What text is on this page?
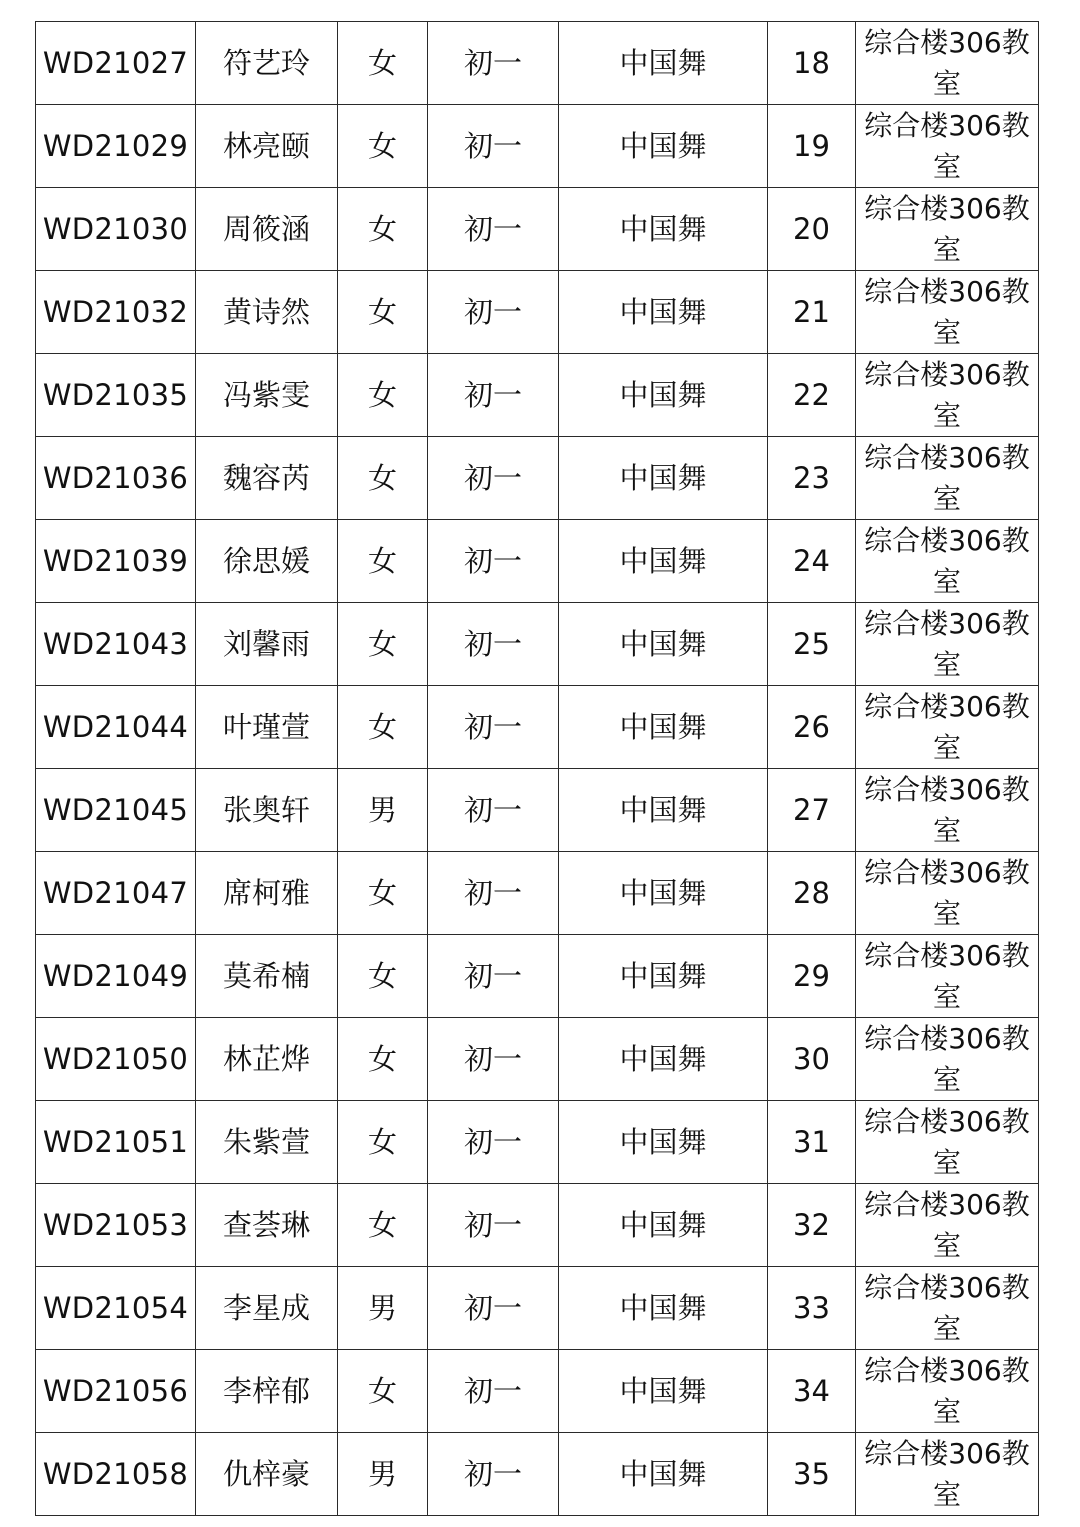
WD21027	符艺玲	女	初一	中国舞	18	综合楼306教室
WD21029	林亮颐	女	初一	中国舞	19	综合楼306教室
WD21030	周筱涵	女	初一	中国舞	20	综合楼306教室
WD21032	黄诗然	女	初一	中国舞	21	综合楼306教室
WD21035	冯紫雯	女	初一	中国舞	22	综合楼306教室
WD21036	魏容芮	女	初一	中国舞	23	综合楼306教室
WD21039	徐思媛	女	初一	中国舞	24	综合楼306教室
WD21043	刘馨雨	女	初一	中国舞	25	综合楼306教室
WD21044	叶瑾萱	女	初一	中国舞	26	综合楼306教室
WD21045	张奥轩	男	初一	中国舞	27	综合楼306教室
WD21047	席柯雅	女	初一	中国舞	28	综合楼306教室
WD21049	莫希楠	女	初一	中国舞	29	综合楼306教室
WD21050	林芷烨	女	初一	中国舞	30	综合楼306教室
WD21051	朱紫萱	女	初一	中国舞	31	综合楼306教室
WD21053	查荟琳	女	初一	中国舞	32	综合楼306教室
WD21054	李星成	男	初一	中国舞	33	综合楼306教室
WD21056	李梓郁	女	初一	中国舞	34	综合楼306教室
WD21058	仇梓豪	男	初一	中国舞	35	综合楼306教室
